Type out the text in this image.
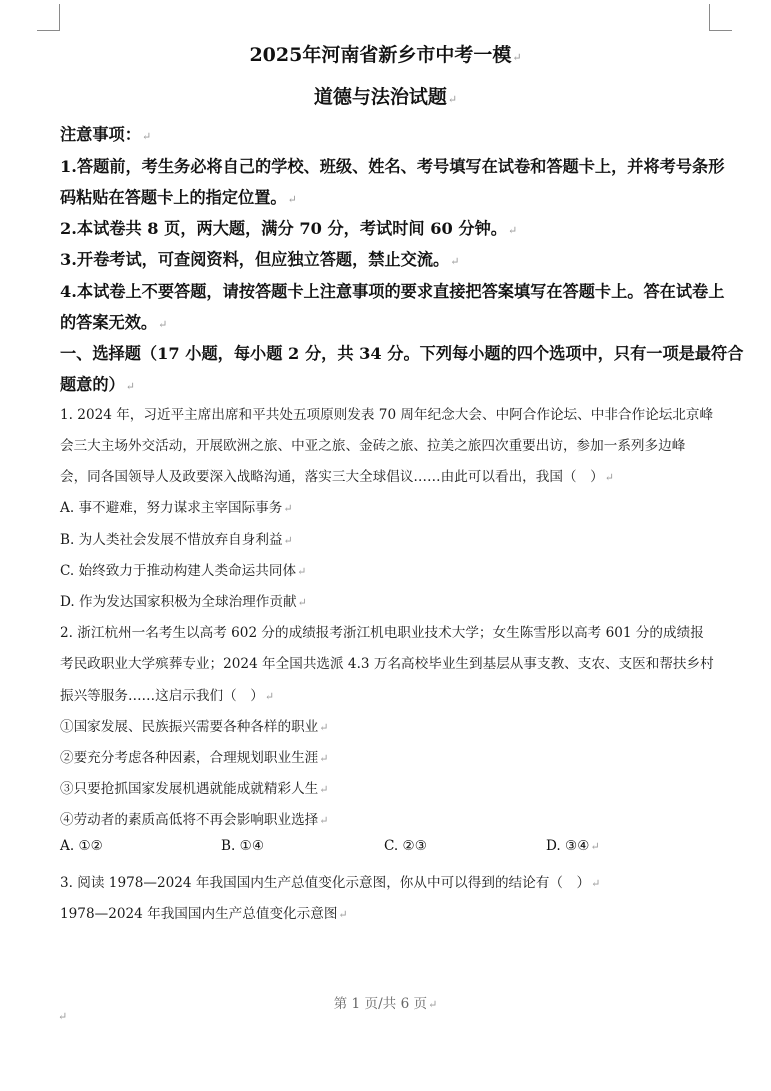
2025年河南省新乡市中考一模↵
道德与法治试题↵
注意事项：↵
1.答题前，考生务必将自己的学校、班级、姓名、考号填写在试卷和答题卡上，并将考号条形
码粘贴在答题卡上的指定位置。↵
2.本试卷共 8 页，两大题，满分 70 分，考试时间 60 分钟。↵
3.开卷考试，可查阅资料，但应独立答题，禁止交流。↵
4.本试卷上不要答题，请按答题卡上注意事项的要求直接把答案填写在答题卡上。答在试卷上
的答案无效。↵
一、选择题（17 小题，每小题 2 分，共 34 分。下列每小题的四个选项中，只有一项是最符合
题意的）↵
1. 2024 年，习近平主席出席和平共处五项原则发表 70 周年纪念大会、中阿合作论坛、中非合作论坛北京峰
会三大主场外交活动，开展欧洲之旅、中亚之旅、金砖之旅、拉美之旅四次重要出访，参加一系列多边峰
会，同各国领导人及政要深入战略沟通，落实三大全球倡议……由此可以看出，我国（　）↵
A. 事不避难，努力谋求主宰国际事务↵
B. 为人类社会发展不惜放弃自身利益↵
C. 始终致力于推动构建人类命运共同体↵
D. 作为发达国家积极为全球治理作贡献↵
2. 浙江杭州一名考生以高考 602 分的成绩报考浙江机电职业技术大学；女生陈雪彤以高考 601 分的成绩报
考民政职业大学殡葬专业；2024 年全国共选派 4.3 万名高校毕业生到基层从事支教、支农、支医和帮扶乡村
振兴等服务……这启示我们（　）↵
①国家发展、民族振兴需要各种各样的职业↵
②要充分考虑各种因素，合理规划职业生涯↵
③只要抢抓国家发展机遇就能成就精彩人生↵
④劳动者的素质高低将不再会影响职业选择↵
A. ①②	B. ①④	C. ②③	D. ③④↵
3. 阅读 1978—2024 年我国国内生产总值变化示意图，你从中可以得到的结论有（　）↵
1978—2024 年我国国内生产总值变化示意图↵
第 1 页/共 6 页↵
↵
